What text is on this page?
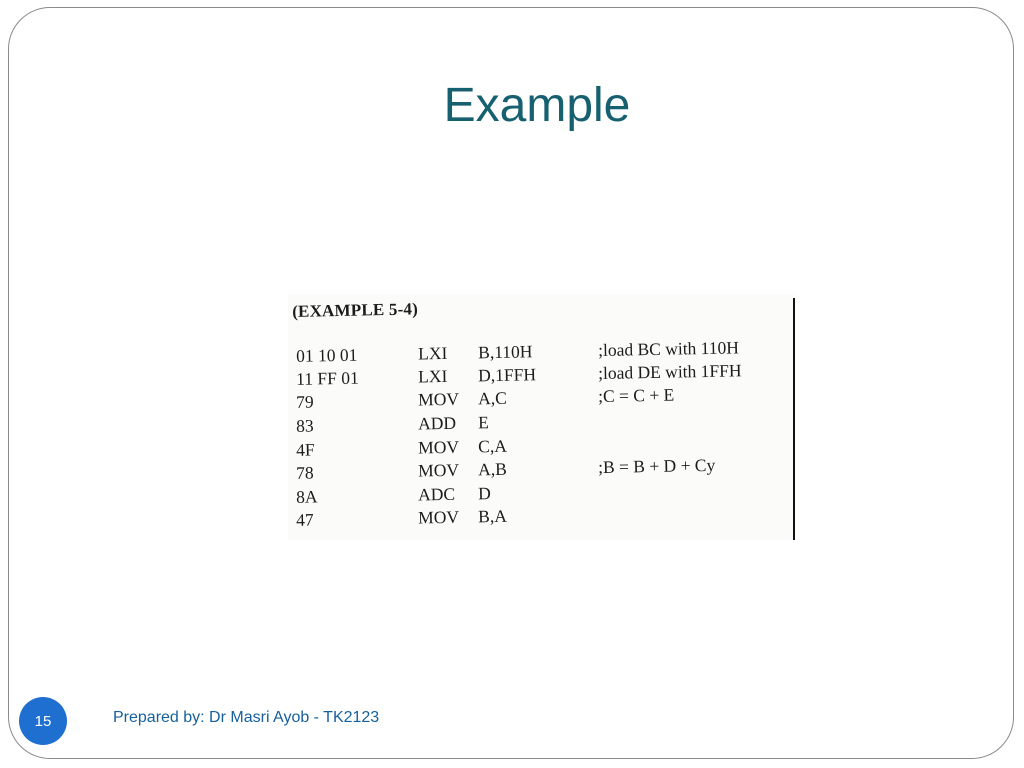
Example
(EXAMPLE 5-4)
01 10 01	LXI B,110H	;load BC with 110H
11 FF 01	LXI D,1FFH	;load DE with 1FFH
79	MOV A,C	;C = C + E
83	ADD E
4F	MOV C,A
78	MOV A,B	;B = B + D + Cy
8A	ADC D
47	MOV B,A
15	Prepared by: Dr Masri Ayob - TK2123
